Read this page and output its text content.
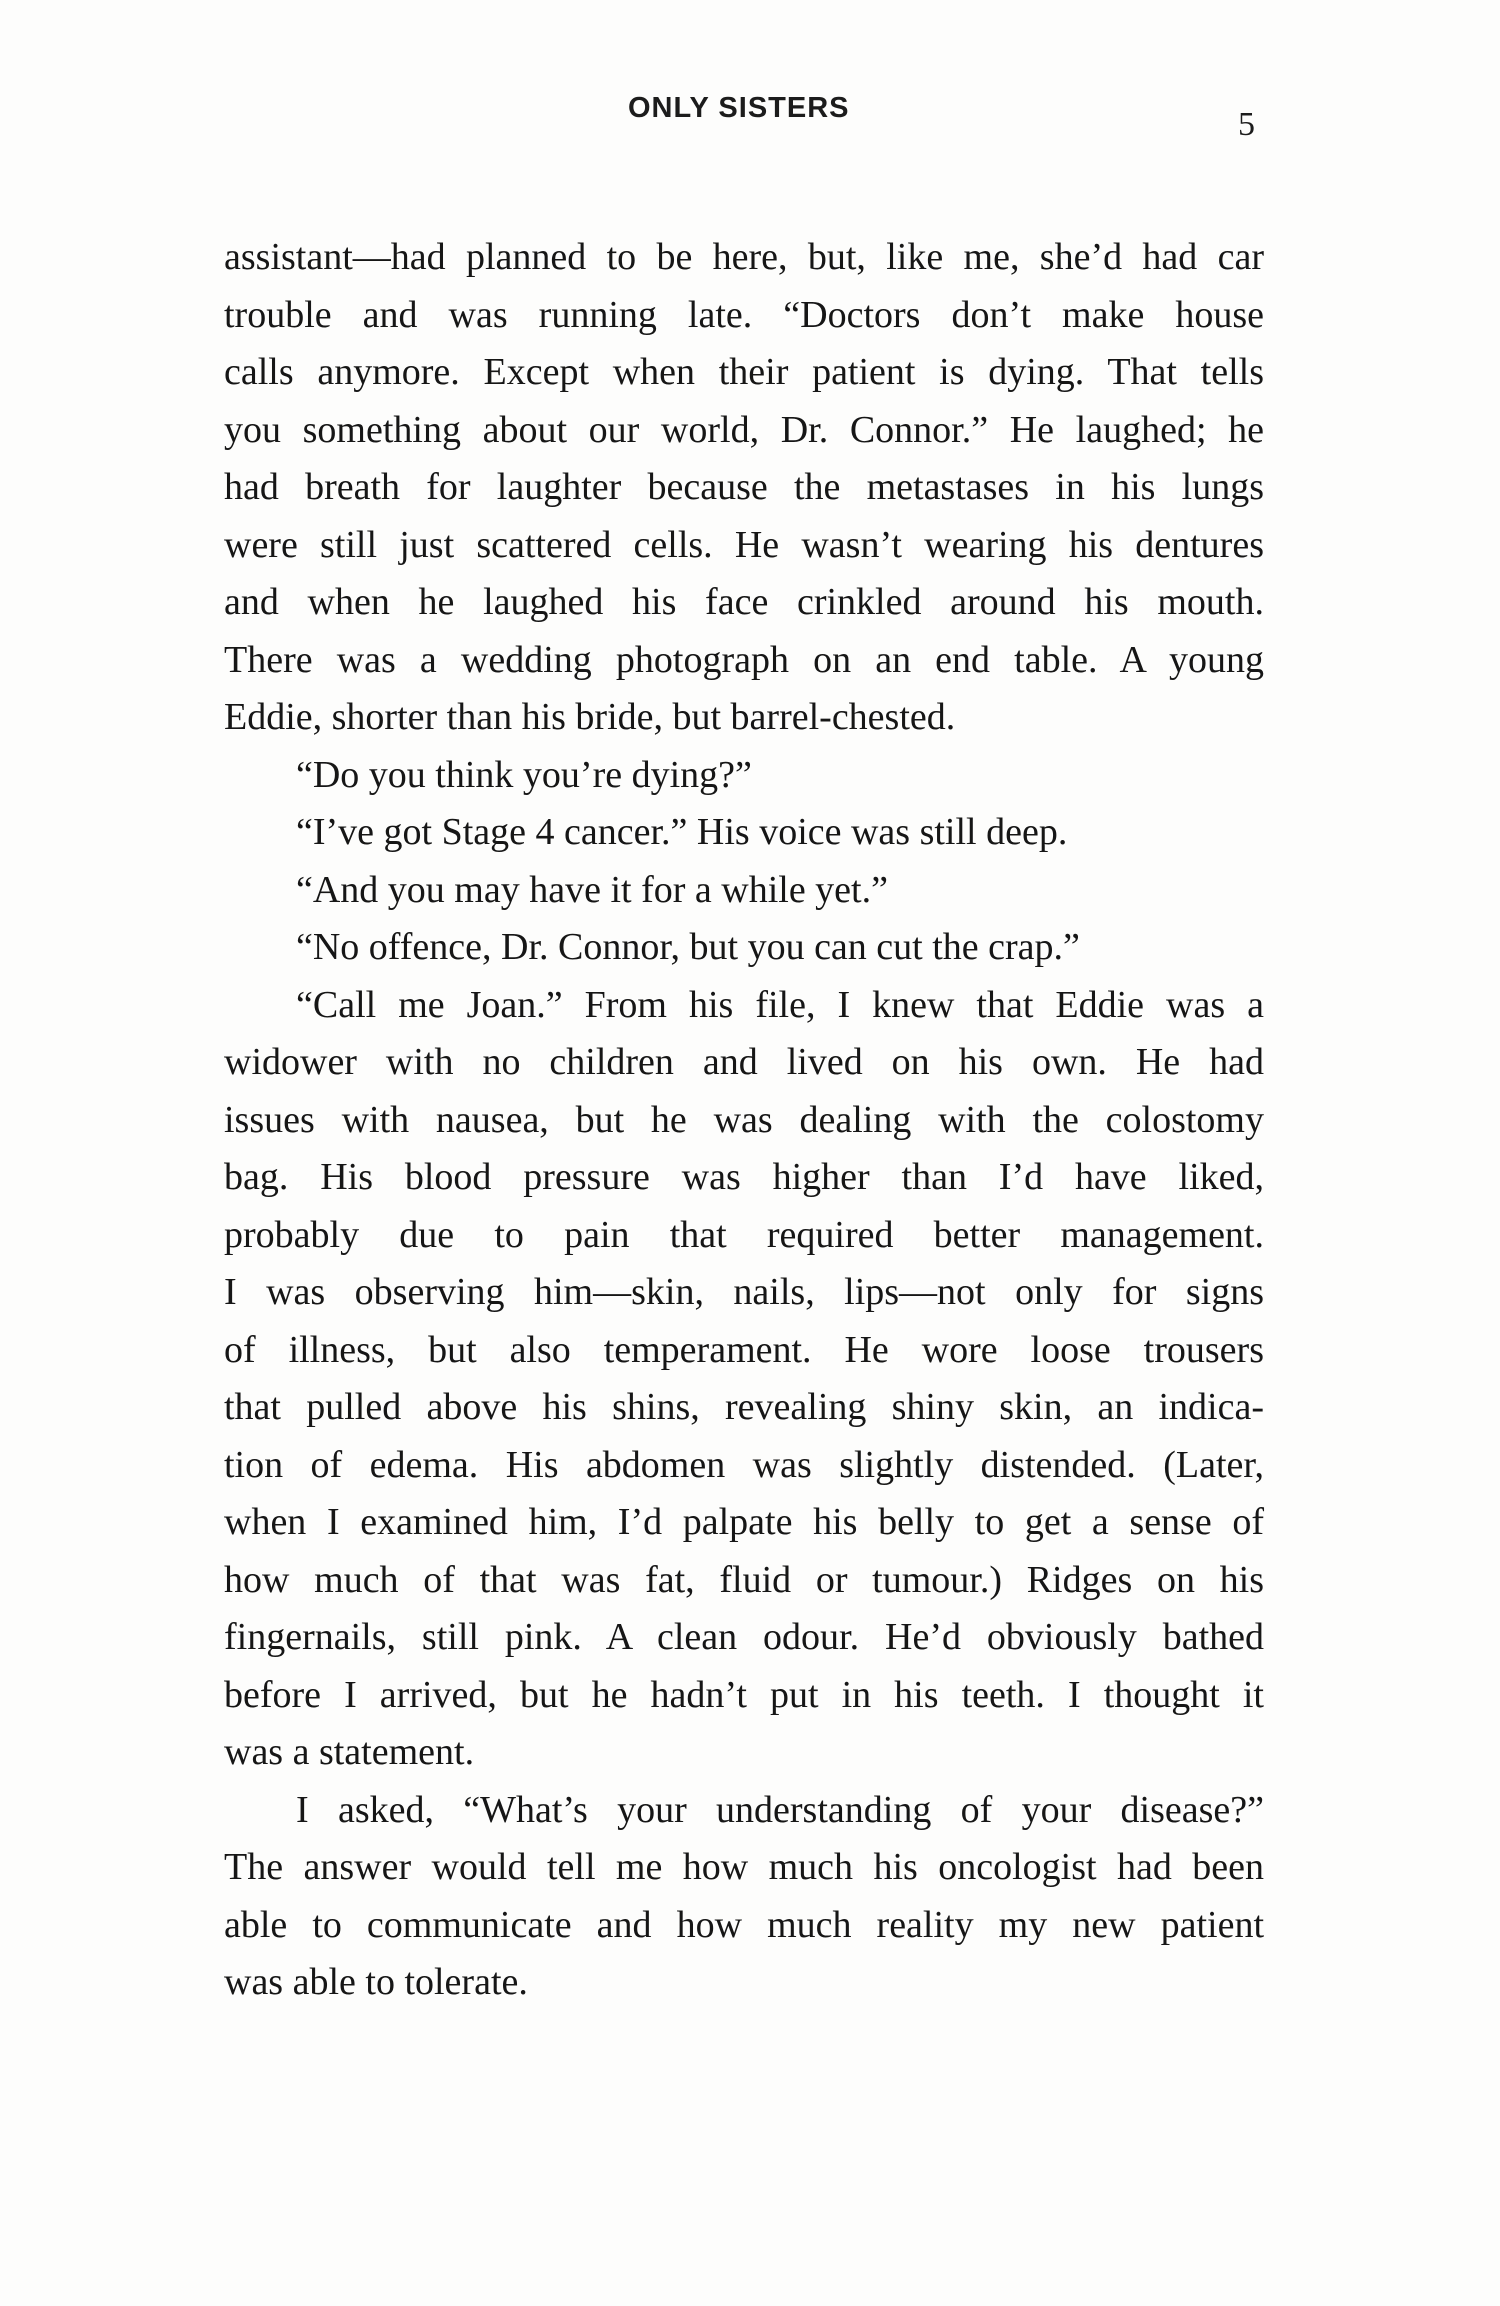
ONLY SISTERS	5

assistant—had planned to be here, but, like me, she’d had car

trouble and was running late. “Doctors don’t make house

calls anymore. Except when their patient is dying. That tells

you something about our world, Dr. Connor.” He laughed; he

had breath for laughter because the metastases in his lungs

were still just scattered cells. He wasn’t wearing his dentures

and when he laughed his face crinkled around his mouth.

There was a wedding photograph on an end table. A young

Eddie, shorter than his bride, but barrel-chested.

“Do you think you’re dying?”

“I’ve got Stage 4 cancer.” His voice was still deep.

“And you may have it for a while yet.”

“No offence, Dr. Connor, but you can cut the crap.”

“Call me Joan.” From his file, I knew that Eddie was a

widower with no children and lived on his own. He had

issues with nausea, but he was dealing with the colostomy

bag. His blood pressure was higher than I’d have liked,

probably due to pain that required better management.

I was observing him—skin, nails, lips—not only for signs

of illness, but also temperament. He wore loose trousers

that pulled above his shins, revealing shiny skin, an indica-

tion of edema. His abdomen was slightly distended. (Later,

when I examined him, I’d palpate his belly to get a sense of

how much of that was fat, fluid or tumour.) Ridges on his

fingernails, still pink. A clean odour. He’d obviously bathed

before I arrived, but he hadn’t put in his teeth. I thought it

was a statement.

I asked, “What’s your understanding of your disease?”

The answer would tell me how much his oncologist had been

able to communicate and how much reality my new patient

was able to tolerate.
